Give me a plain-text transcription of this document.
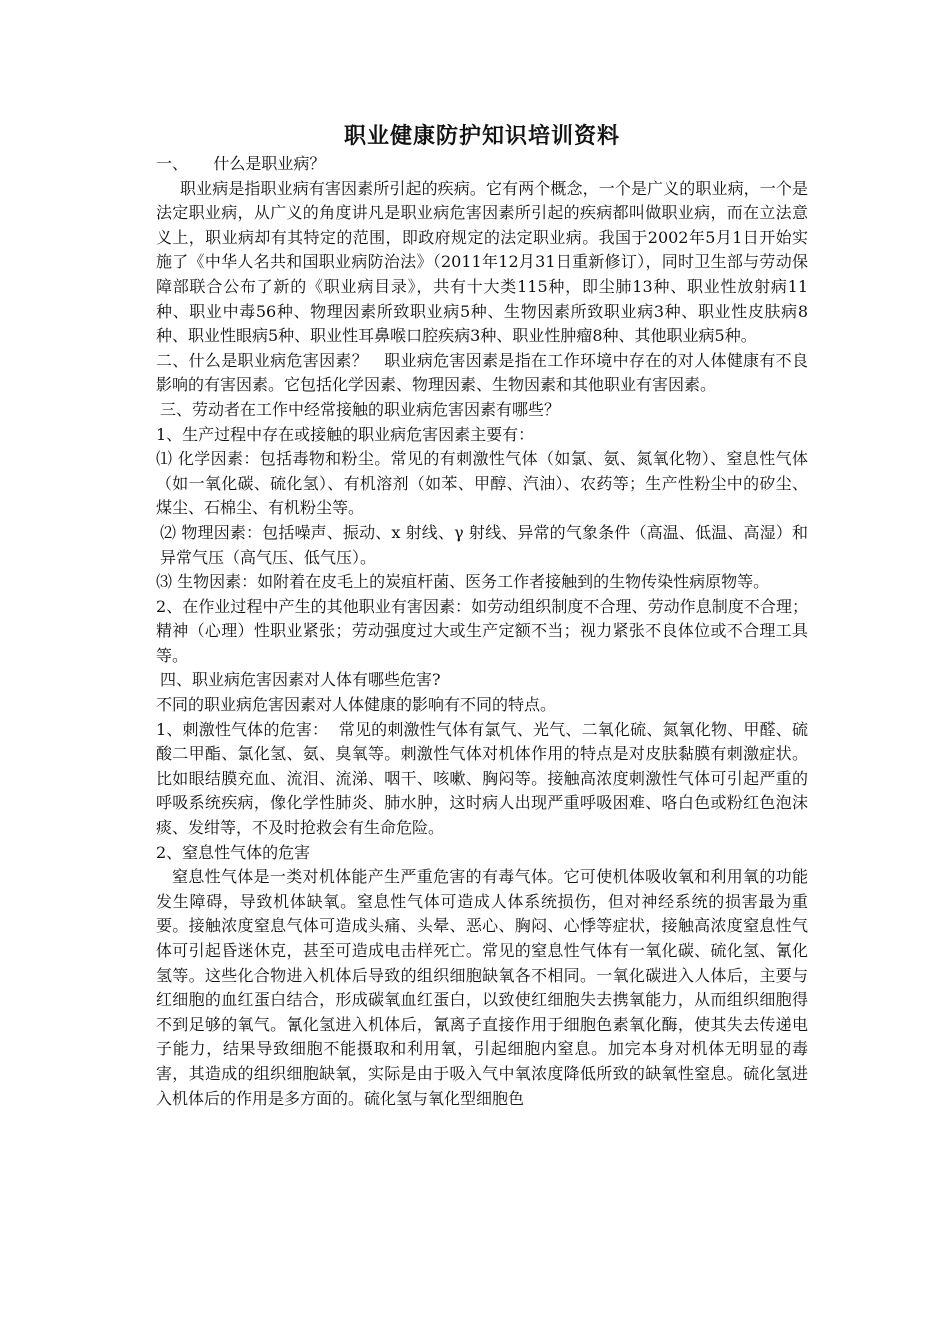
职业健康防护知识培训资料

一、     什么是职业病？

职业病是指职业病有害因素所引起的疾病。它有两个概念，一个是广义的职业病，一个是法定职业病，从广义的角度讲凡是职业病危害因素所引起的疾病都叫做职业病，而在立法意义上，职业病却有其特定的范围，即政府规定的法定职业病。我国于2002年5月1日开始实施了《中华人名共和国职业病防治法》（2011年12月31日重新修订），同时卫生部与劳动保障部联合公布了新的《职业病目录》，共有十大类115种，即尘肺13种、职业性放射病11种、职业中毒56种、物理因素所致职业病5种、生物因素所致职业病3种、职业性皮肤病8种、职业性眼病5种、职业性耳鼻喉口腔疾病3种、职业性肿瘤8种、其他职业病5种。

二、什么是职业病危害因素？   职业病危害因素是指在工作环境中存在的对人体健康有不良影响的有害因素。它包括化学因素、物理因素、生物因素和其他职业有害因素。

三、劳动者在工作中经常接触的职业病危害因素有哪些？

1、生产过程中存在或接触的职业病危害因素主要有：

⑴ 化学因素：包括毒物和粉尘。常见的有刺激性气体（如氯、氨、氮氧化物）、窒息性气体（如一氧化碳、硫化氢）、有机溶剂（如苯、甲醇、汽油）、农药等；生产性粉尘中的矽尘、煤尘、石棉尘、有机粉尘等。

⑵ 物理因素：包括噪声、振动、x 射线、γ 射线、异常的气象条件（高温、低温、高湿）和异常气压（高气压、低气压）。

⑶ 生物因素：如附着在皮毛上的炭疽杆菌、医务工作者接触到的生物传染性病原物等。

2、在作业过程中产生的其他职业有害因素：如劳动组织制度不合理、劳动作息制度不合理；精神（心理）性职业紧张；劳动强度过大或生产定额不当；视力紧张不良体位或不合理工具等。

四、职业病危害因素对人体有哪些危害?

不同的职业病危害因素对人体健康的影响有不同的特点。

1、刺激性气体的危害：  常见的刺激性气体有氯气、光气、二氧化硫、氮氧化物、甲醛、硫酸二甲酯、氯化氢、氨、臭氧等。刺激性气体对机体作用的特点是对皮肤黏膜有刺激症状。比如眼结膜充血、流泪、流涕、咽干、咳嗽、胸闷等。接触高浓度刺激性气体可引起严重的呼吸系统疾病，像化学性肺炎、肺水肿，这时病人出现严重呼吸困难、咯白色或粉红色泡沫痰、发绀等，不及时抢救会有生命危险。

2、窒息性气体的危害

窒息性气体是一类对机体能产生严重危害的有毒气体。它可使机体吸收氧和利用氧的功能发生障碍，导致机体缺氧。窒息性气体可造成人体系统损伤，但对神经系统的损害最为重要。接触浓度窒息气体可造成头痛、头晕、恶心、胸闷、心悸等症状，接触高浓度窒息性气体可引起昏迷休克，甚至可造成电击样死亡。常见的窒息性气体有一氧化碳、硫化氢、氰化氢等。这些化合物进入机体后导致的组织细胞缺氧各不相同。一氧化碳进入人体后，主要与红细胞的血红蛋白结合，形成碳氧血红蛋白，以致使红细胞失去携氧能力，从而组织细胞得不到足够的氧气。氰化氢进入机体后，氰离子直接作用于细胞色素氧化酶，使其失去传递电子能力，结果导致细胞不能摄取和利用氧，引起细胞内窒息。加完本身对机体无明显的毒害，其造成的组织细胞缺氧，实际是由于吸入气中氧浓度降低所致的缺氧性窒息。硫化氢进入机体后的作用是多方面的。硫化氢与氧化型细胞色
